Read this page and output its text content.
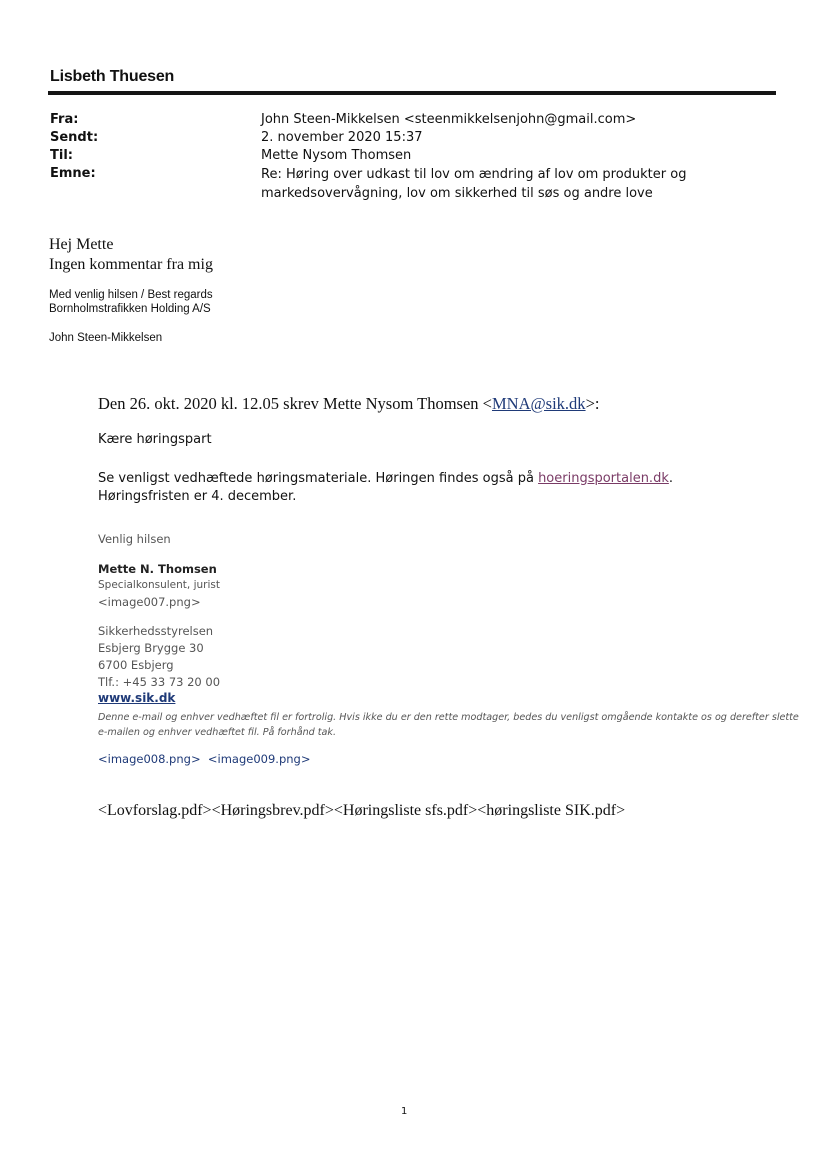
Lisbeth Thuesen
Fra:
Sendt:
Til:
Emne:
John Steen-Mikkelsen <steenmikkelsenjohn@gmail.com>
2. november 2020 15:37
Mette Nysom Thomsen
Re: Høring over udkast til lov om ændring af lov om produkter og
markedsovervågning, lov om sikkerhed til søs og andre love
Hej Mette
Ingen kommentar fra mig
Med venlig hilsen / Best regards
Bornholmstrafikken Holding A/S
John Steen-Mikkelsen
Den 26. okt. 2020 kl. 12.05 skrev Mette Nysom Thomsen <MNA@sik.dk>:
Kære høringspart
Se venligst vedhæftede høringsmateriale. Høringen findes også på hoeringsportalen.dk.
Høringsfristen er 4. december.
Venlig hilsen
Mette N. Thomsen
Specialkonsulent, jurist
<image007.png>
Sikkerhedsstyrelsen
Esbjerg Brygge 30
6700 Esbjerg
Tlf.: +45 33 73 20 00
www.sik.dk
Denne e-mail og enhver vedhæftet fil er fortrolig. Hvis ikke du er den rette modtager, bedes du venligst omgående kontakte os og derefter slette e-mailen og enhver vedhæftet fil. På forhånd tak.
<image008.png>  <image009.png>
<Lovforslag.pdf><Høringsbrev.pdf><Høringsliste sfs.pdf><høringsliste SIK.pdf>
1
